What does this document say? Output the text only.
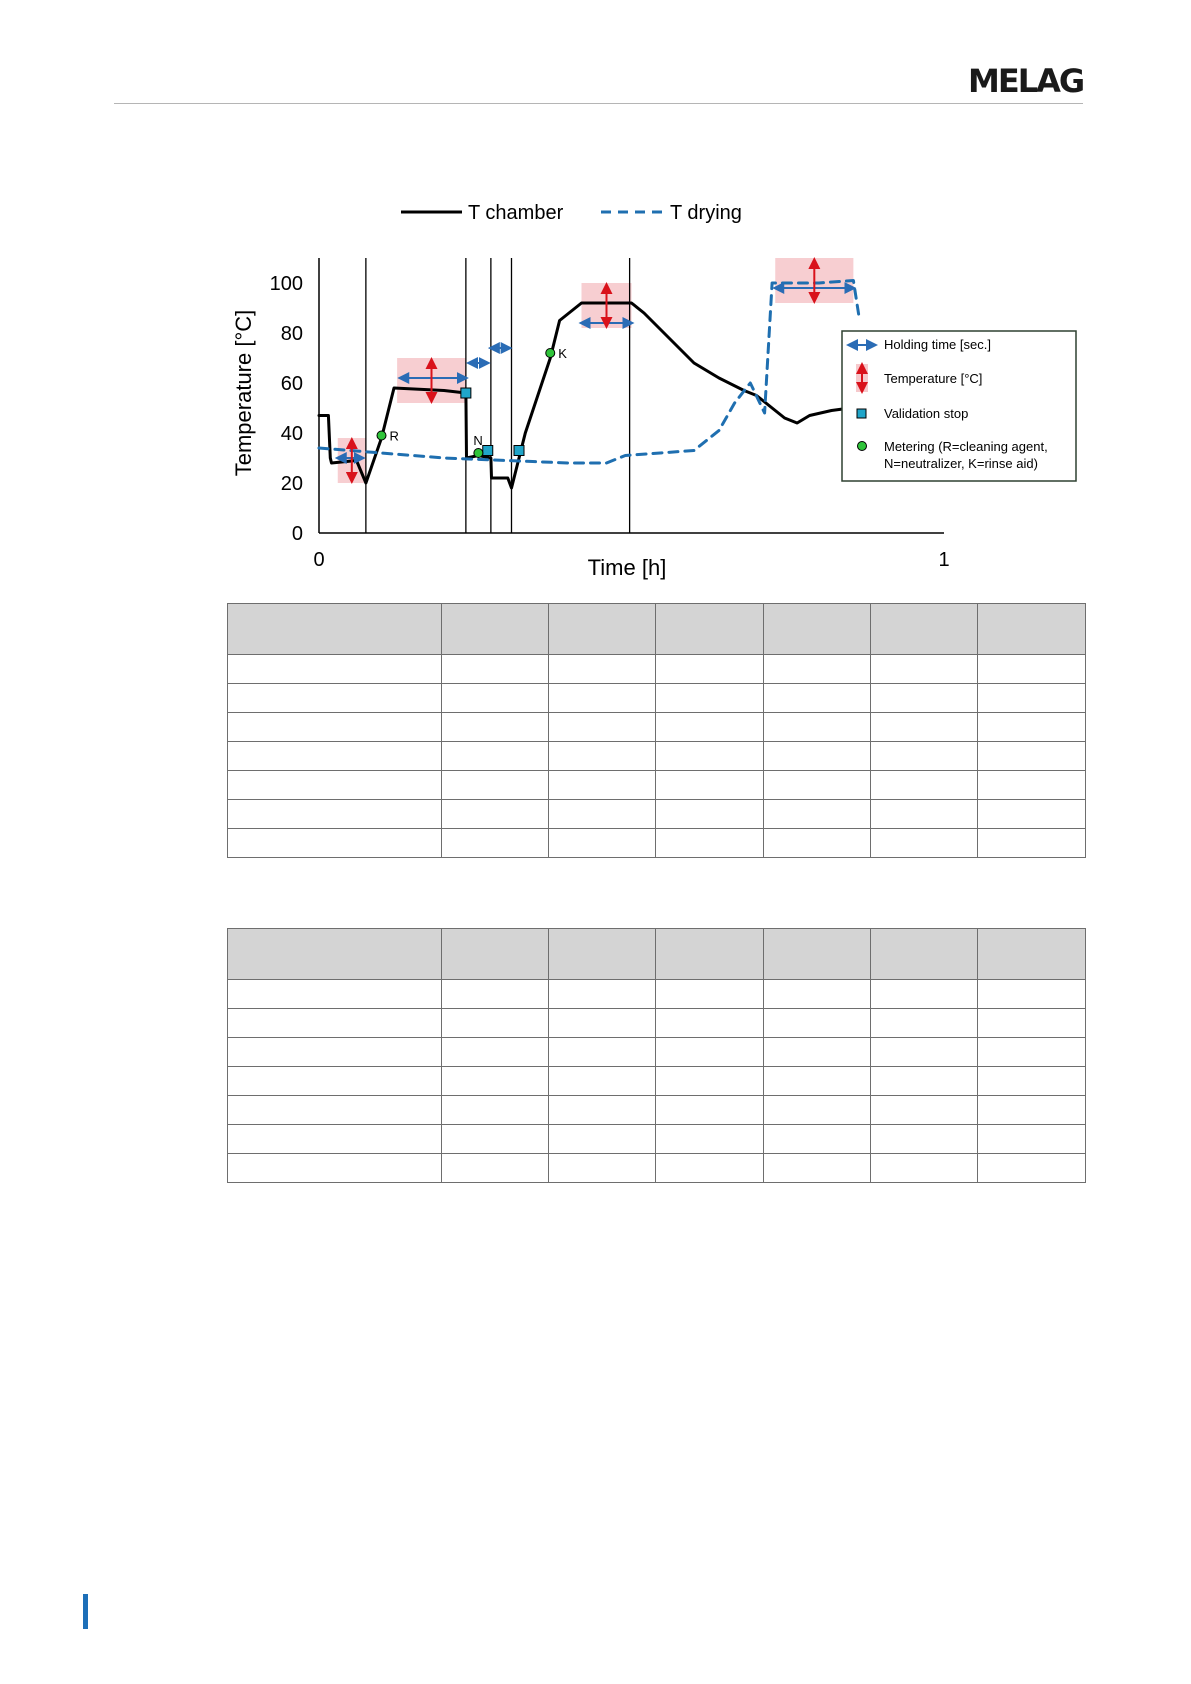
MELAG
T chamber	T drying
0
20
40
60
80
100
0	1
Temperature [°C]
Time [h]
R	N
K
Holding time [sec.]
Temperature [°C]
Validation stop
Metering (R=cleaning agent,
N=neutralizer, K=rinse aid)
